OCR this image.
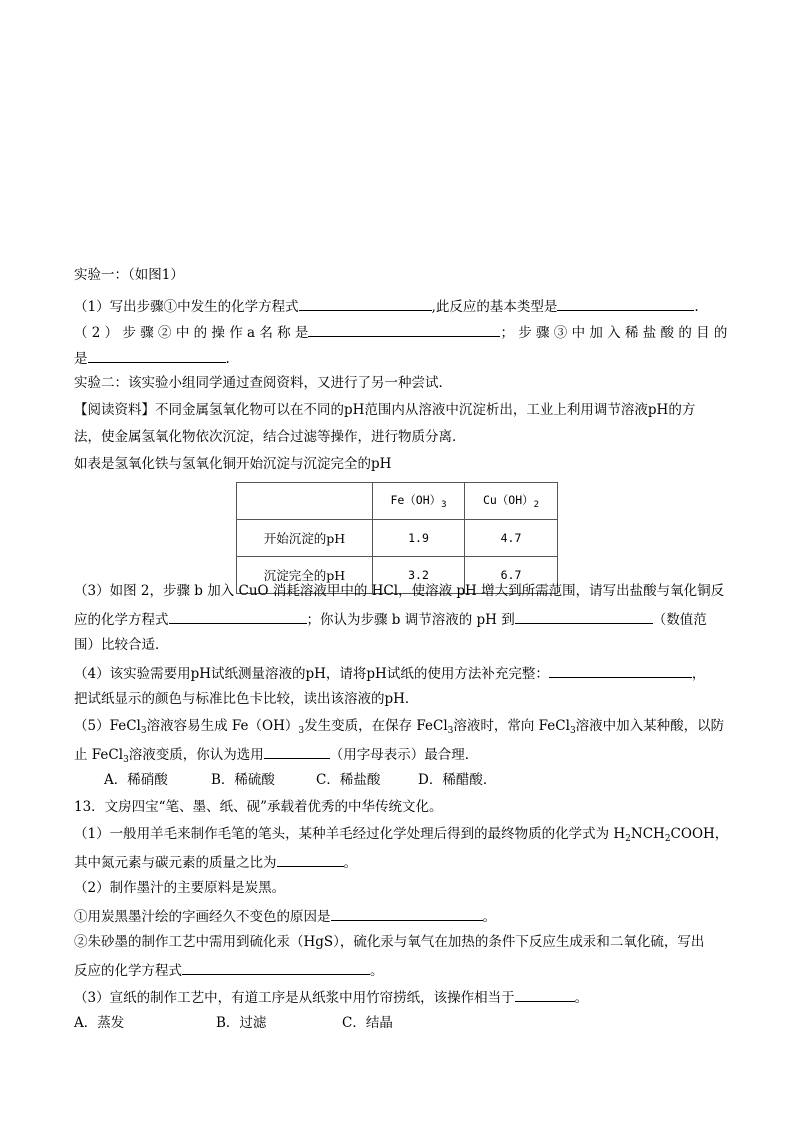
实验一：（如图1）
（1）写出步骤①中发生的化学方程式	,此反应的基本类型是	.
（ 2 ） 步 骤 ② 中 的 操 作 a 名 称 是	； 步 骤 ③ 中 加 入 稀 盐 酸 的 目 的
是	.
实验二：该实验小组同学通过查阅资料，又进行了另一种尝试．
【阅读资料】不同金属氢氧化物可以在不同的pH范围内从溶液中沉淀析出，工业上利用调节溶液pH的方
法，使金属氢氧化物依次沉淀，结合过滤等操作，进行物质分离．
如表是氢氧化铁与氢氧化铜开始沉淀与沉淀完全的pH
	$Fe(OH)_3$	$Cu(OH)_2$
开始沉淀的pH	1.9	4.7
沉淀完全的pH	3.2	6.7
（3）如图 2，步骤 b 加入 CuO 消耗溶液甲中的 HCl，使溶液 pH 增大到所需范围，请写出盐酸与氧化铜反
应的化学方程式	；你认为步骤 b 调节溶液的 pH 到	（数值范
围）比较合适．
（4）该实验需要用pH试纸测量溶液的pH，请将pH试纸的使用方法补充完整：	，
把试纸显示的颜色与标准比色卡比较，读出该溶液的pH．
（5）FeCl$_3$溶液容易生成 $Fe(OH)_3$发生变质，在保存 FeCl$_3$溶液时，常向 FeCl$_3$溶液中加入某种酸，以防
止 FeCl$_3$溶液变质，你认为选用	（用字母表示）最合理．
A．稀硝酸	B．稀硫酸	C．稀盐酸	D．稀醋酸．
13．文房四宝“笔、墨、纸、砚”承载着优秀的中华传统文化。
（1）一般用羊毛来制作毛笔的笔头，某种羊毛经过化学处理后得到的最终物质的化学式为 $H_2NCH_2COOH$，
其中氮元素与碳元素的质量之比为	。
（2）制作墨汁的主要原料是炭黑。
①用炭黑墨汁绘的字画经久不变色的原因是	。
②朱砂墨的制作工艺中需用到硫化汞（HgS），硫化汞与氧气在加热的条件下反应生成汞和二氧化硫，写出
反应的化学方程式	。
（3）宣纸的制作工艺中，有道工序是从纸浆中用竹帘捞纸，该操作相当于	。
A．蒸发	B．过滤	C．结晶
